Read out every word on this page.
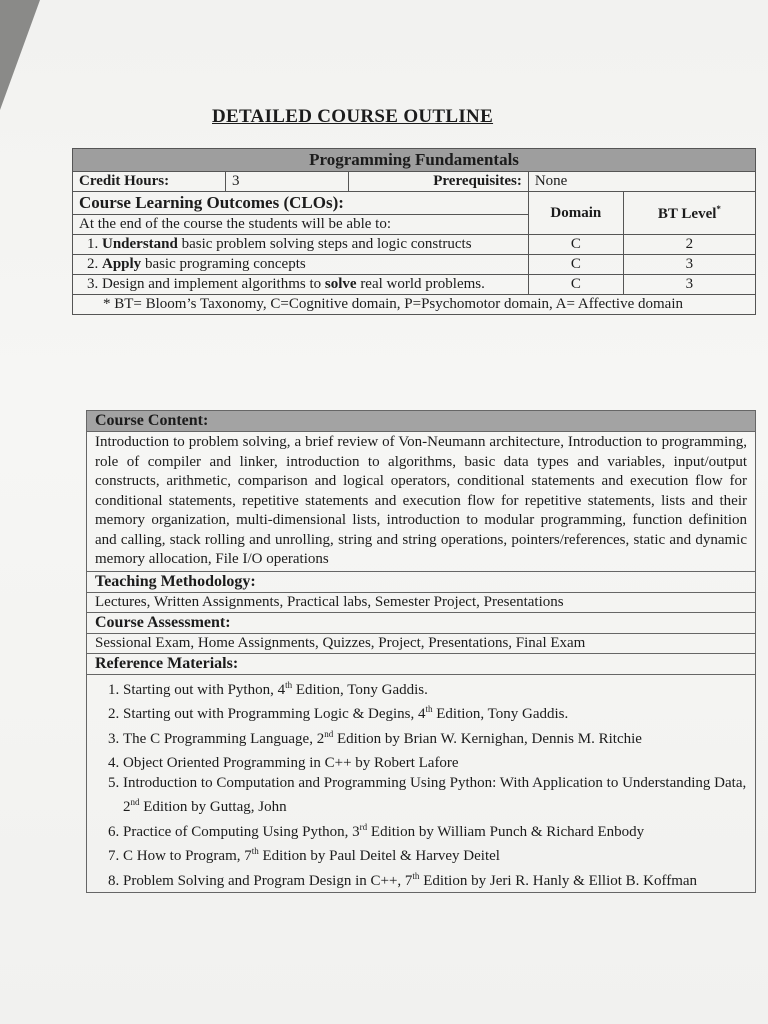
DETAILED COURSE OUTLINE
Programming Fundamentals				
Credit Hours:	3	Prerequisites:	None	
Course Learning Outcomes (CLOs):			Domain	BT Level*
At the end of the course the students will be able to:				
1. Understand basic problem solving steps and logic constructs			C	2
2. Apply basic programing concepts			C	3
3. Design and implement algorithms to solve real world problems.			C	3
* BT= Bloom’s Taxonomy, C=Cognitive domain, P=Psychomotor domain, A= Affective domain				
Course Content:
Introduction to problem solving, a brief review of Von-Neumann architecture, Introduction to programming, role of compiler and linker, introduction to algorithms, basic data types and variables, input/output constructs, arithmetic, comparison and logical operators, conditional statements and execution flow for conditional statements, repetitive statements and execution flow for repetitive statements, lists and their memory organization, multi-dimensional lists, introduction to modular programming, function definition and calling, stack rolling and unrolling, string and string operations, pointers/references, static and dynamic memory allocation, File I/O operations
Teaching Methodology:
Lectures, Written Assignments, Practical labs, Semester Project, Presentations
Course Assessment:
Sessional Exam, Home Assignments, Quizzes, Project, Presentations, Final Exam
Reference Materials:

1. Starting out with Python, 4th Edition, Tony Gaddis.
2. Starting out with Programming Logic & Degins, 4th Edition, Tony Gaddis.
3. The C Programming Language, 2nd Edition by Brian W. Kernighan, Dennis M. Ritchie
4. Object Oriented Programming in C++ by Robert Lafore
5. Introduction to Computation and Programming Using Python: With Application to Understanding Data, 2nd Edition by Guttag, John
6. Practice of Computing Using Python, 3rd Edition by William Punch & Richard Enbody
7. C How to Program, 7th Edition by Paul Deitel & Harvey Deitel
8. Problem Solving and Program Design in C++, 7th Edition by Jeri R. Hanly & Elliot B. Koffman
